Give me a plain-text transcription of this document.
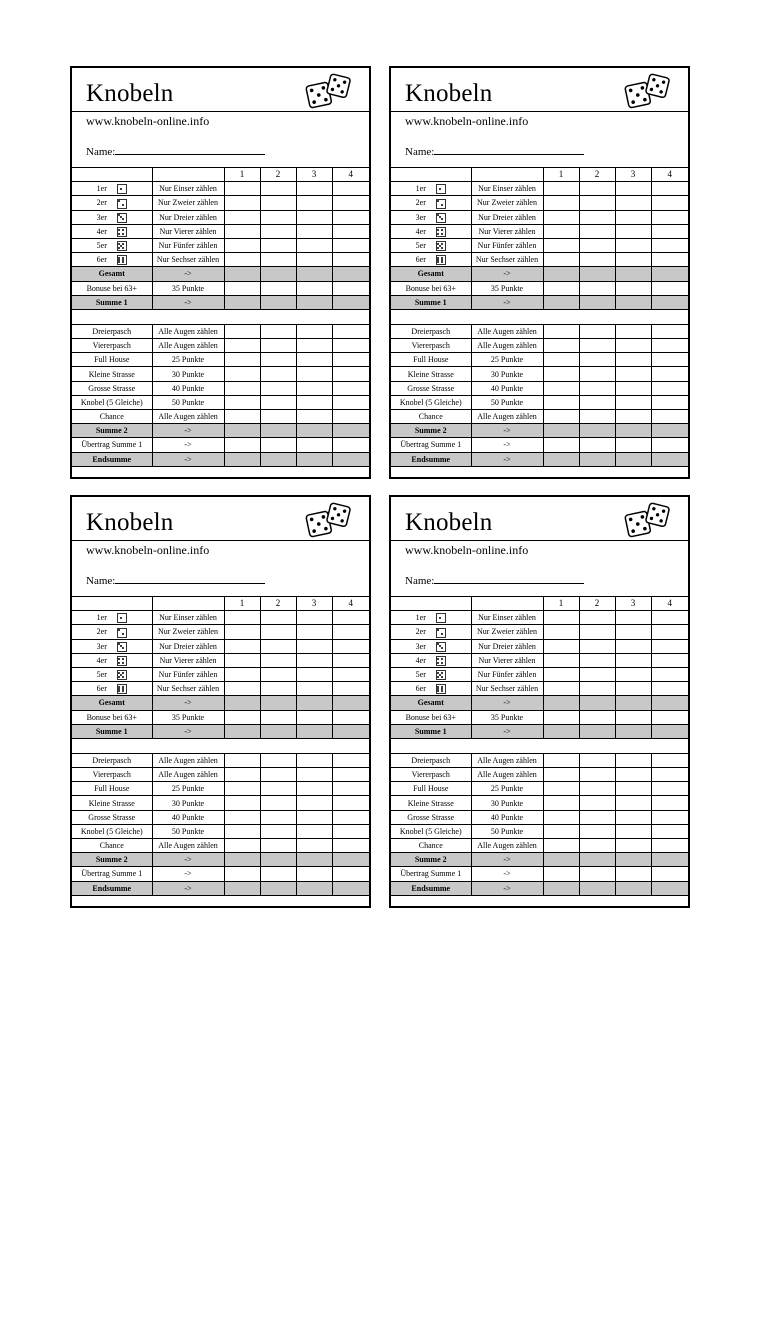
Knobeln
www.knobeln-online.info
Name:
		1	2	3	4
1er	Nur Einser zählen				
2er	Nur Zweier zählen				
3er	Nur Dreier zählen				
4er	Nur Vierer zählen				
5er	Nur Fünfer zählen				
6er	Nur Sechser zählen				
Gesamt	->				
Bonuse bei 63+	35 Punkte				
Summe 1	->				

Dreierpasch	Alle Augen zählen				
Viererpasch	Alle Augen zählen				
Full House	25 Punkte				
Kleine Strasse	30 Punkte				
Grosse Strasse	40 Punkte				
Knobel (5 Gleiche)	50 Punkte				
Chance	Alle Augen zählen				
Summe 2	->				
Übertrag Summe 1	->				
Endsumme	->				
Knobeln
www.knobeln-online.info
Name:
		1	2	3	4
1er	Nur Einser zählen				
2er	Nur Zweier zählen				
3er	Nur Dreier zählen				
4er	Nur Vierer zählen				
5er	Nur Fünfer zählen				
6er	Nur Sechser zählen				
Gesamt	->				
Bonuse bei 63+	35 Punkte				
Summe 1	->				

Dreierpasch	Alle Augen zählen				
Viererpasch	Alle Augen zählen				
Full House	25 Punkte				
Kleine Strasse	30 Punkte				
Grosse Strasse	40 Punkte				
Knobel (5 Gleiche)	50 Punkte				
Chance	Alle Augen zählen				
Summe 2	->				
Übertrag Summe 1	->				
Endsumme	->				
Knobeln
www.knobeln-online.info
Name:
		1	2	3	4
1er	Nur Einser zählen				
2er	Nur Zweier zählen				
3er	Nur Dreier zählen				
4er	Nur Vierer zählen				
5er	Nur Fünfer zählen				
6er	Nur Sechser zählen				
Gesamt	->				
Bonuse bei 63+	35 Punkte				
Summe 1	->				

Dreierpasch	Alle Augen zählen				
Viererpasch	Alle Augen zählen				
Full House	25 Punkte				
Kleine Strasse	30 Punkte				
Grosse Strasse	40 Punkte				
Knobel (5 Gleiche)	50 Punkte				
Chance	Alle Augen zählen				
Summe 2	->				
Übertrag Summe 1	->				
Endsumme	->				
Knobeln
www.knobeln-online.info
Name:
		1	2	3	4
1er	Nur Einser zählen				
2er	Nur Zweier zählen				
3er	Nur Dreier zählen				
4er	Nur Vierer zählen				
5er	Nur Fünfer zählen				
6er	Nur Sechser zählen				
Gesamt	->				
Bonuse bei 63+	35 Punkte				
Summe 1	->				

Dreierpasch	Alle Augen zählen				
Viererpasch	Alle Augen zählen				
Full House	25 Punkte				
Kleine Strasse	30 Punkte				
Grosse Strasse	40 Punkte				
Knobel (5 Gleiche)	50 Punkte				
Chance	Alle Augen zählen				
Summe 2	->				
Übertrag Summe 1	->				
Endsumme	->				
